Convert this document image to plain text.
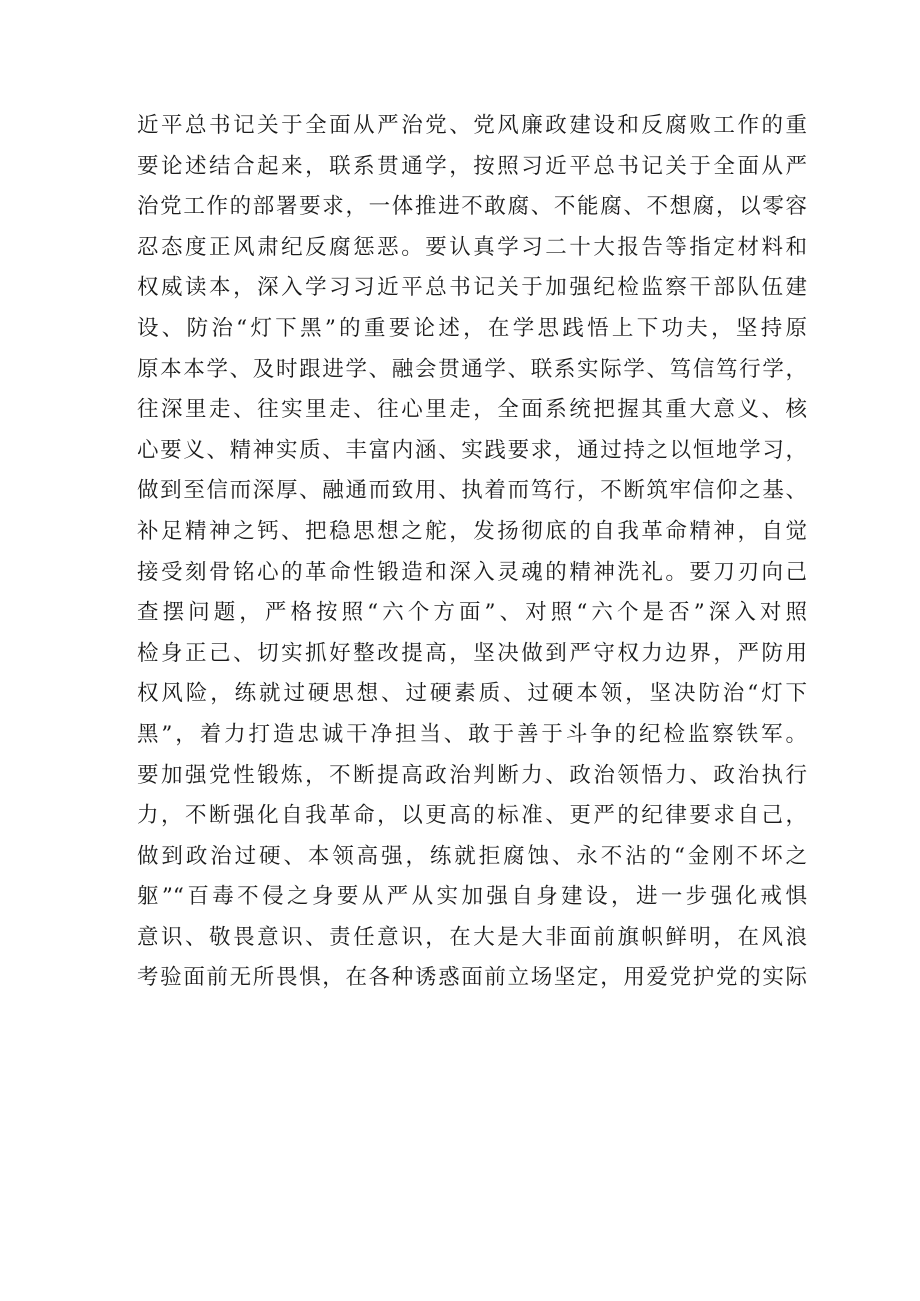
近平总书记关于全面从严治党、党风廉政建设和反腐败工作的重
要论述结合起来，联系贯通学，按照习近平总书记关于全面从严
治党工作的部署要求，一体推进不敢腐、不能腐、不想腐，以零容
忍态度正风肃纪反腐惩恶。要认真学习二十大报告等指定材料和
权威读本，深入学习习近平总书记关于加强纪检监察干部队伍建
设、防治“灯下黑”的重要论述，在学思践悟上下功夫，坚持原
原本本学、及时跟进学、融会贯通学、联系实际学、笃信笃行学，
往深里走、往实里走、往心里走，全面系统把握其重大意义、核
心要义、精神实质、丰富内涵、实践要求，通过持之以恒地学习，
做到至信而深厚、融通而致用、执着而笃行，不断筑牢信仰之基、
补足精神之钙、把稳思想之舵，发扬彻底的自我革命精神，自觉
接受刻骨铭心的革命性锻造和深入灵魂的精神洗礼。要刀刃向己
查摆问题，严格按照“六个方面”、对照“六个是否”深入对照
检身正己、切实抓好整改提高，坚决做到严守权力边界，严防用
权风险，练就过硬思想、过硬素质、过硬本领，坚决防治“灯下
黑”，着力打造忠诚干净担当、敢于善于斗争的纪检监察铁军。
要加强党性锻炼，不断提高政治判断力、政治领悟力、政治执行
力，不断强化自我革命，以更高的标准、更严的纪律要求自己，
做到政治过硬、本领高强，练就拒腐蚀、永不沾的“金刚不坏之
躯”“百毒不侵之身要从严从实加强自身建设，进一步强化戒惧
意识、敬畏意识、责任意识，在大是大非面前旗帜鲜明，在风浪
考验面前无所畏惧，在各种诱惑面前立场坚定，用爱党护党的实际
